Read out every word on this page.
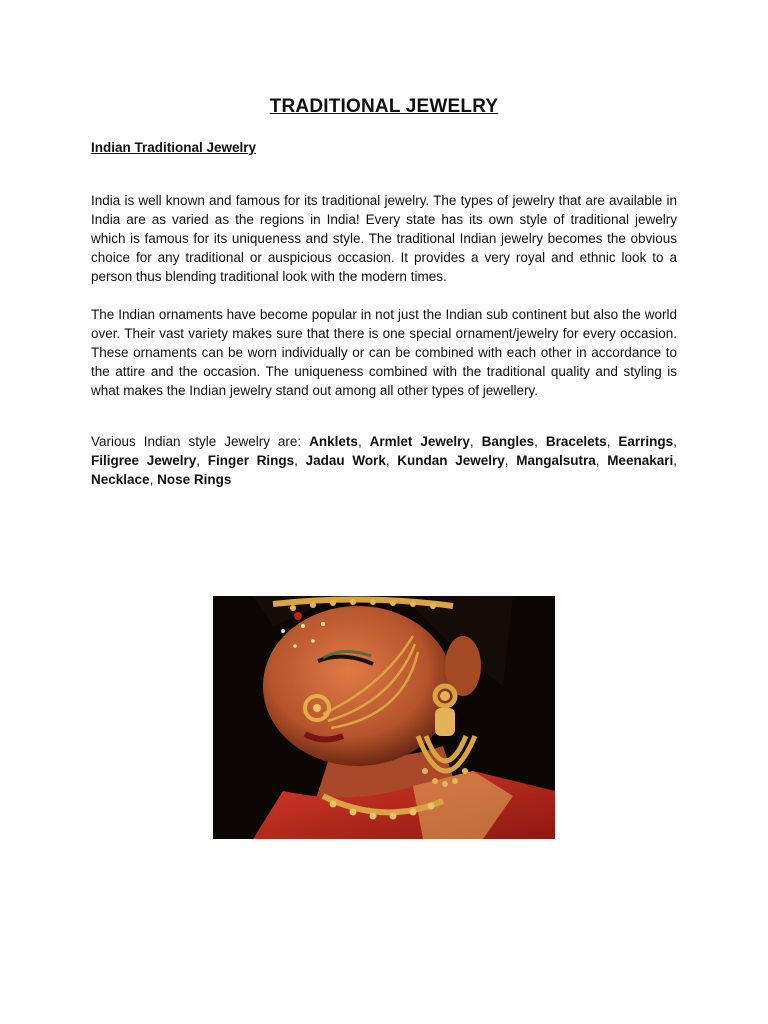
TRADITIONAL JEWELRY
Indian Traditional Jewelry

India is well known and famous for its traditional jewelry. The types of jewelry that are available in India are as varied as the regions in India! Every state has its own style of traditional jewelry which is famous for its uniqueness and style. The traditional Indian jewelry becomes the obvious choice for any traditional or auspicious occasion. It provides a very royal and ethnic look to a person thus blending traditional look with the modern times.

The Indian ornaments have become popular in not just the Indian sub continent but also the world over. Their vast variety makes sure that there is one special ornament/jewelry for every occasion. These ornaments can be worn individually or can be combined with each other in accordance to the attire and the occasion. The uniqueness combined with the traditional quality and styling is what makes the Indian jewelry stand out among all other types of jewellery.

Various Indian style Jewelry are: Anklets, Armlet Jewelry, Bangles, Bracelets, Earrings, Filigree Jewelry, Finger Rings, Jadau Work, Kundan Jewelry, Mangalsutra, Meenakari, Necklace, Nose Rings
